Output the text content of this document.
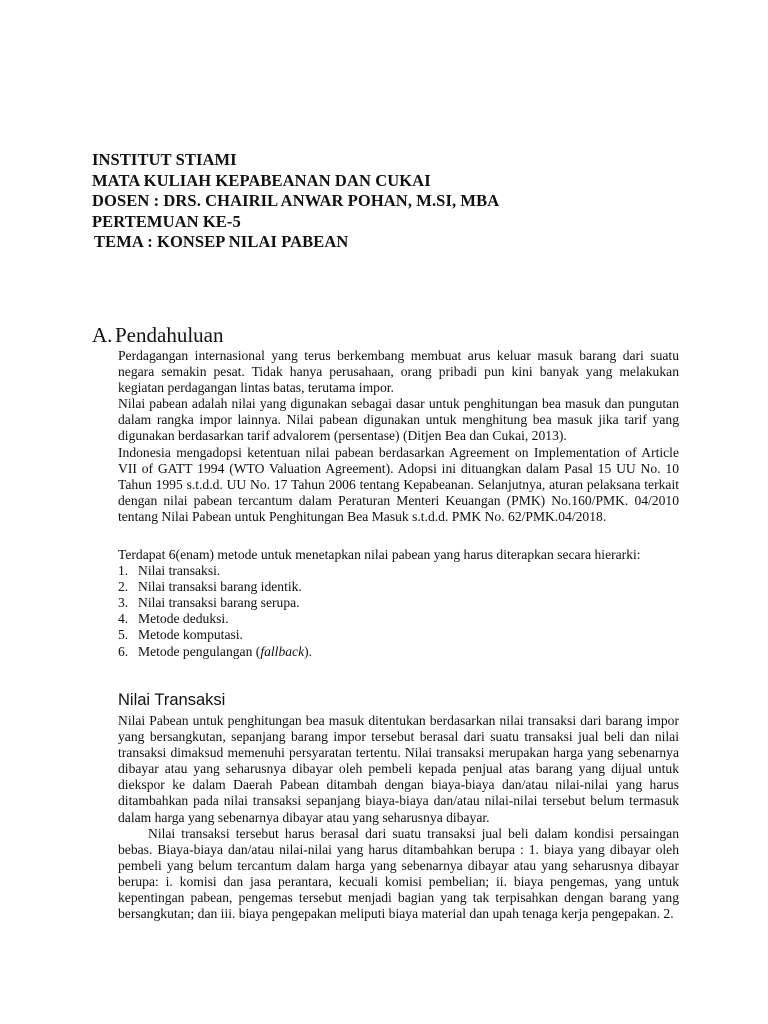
INSTITUT STIAMI
MATA KULIAH KEPABEANAN DAN CUKAI
DOSEN : DRS. CHAIRIL ANWAR POHAN, M.SI, MBA
PERTEMUAN KE-5
TEMA : KONSEP NILAI PABEAN
A. Pendahuluan

Perdagangan internasional yang terus berkembang membuat arus keluar masuk barang dari suatu negara semakin pesat. Tidak hanya perusahaan, orang pribadi pun kini banyak yang melakukan kegiatan perdagangan lintas batas, terutama impor.

Nilai pabean adalah nilai yang digunakan sebagai dasar untuk penghitungan bea masuk dan pungutan dalam rangka impor lainnya. Nilai pabean digunakan untuk menghitung bea masuk jika tarif yang digunakan berdasarkan tarif advalorem (persentase) (Ditjen Bea dan Cukai, 2013).

Indonesia mengadopsi ketentuan nilai pabean berdasarkan Agreement on Implementation of Article VII of GATT 1994 (WTO Valuation Agreement). Adopsi ini dituangkan dalam Pasal 15 UU No. 10 Tahun 1995 s.t.d.d. UU No. 17 Tahun 2006 tentang Kepabeanan. Selanjutnya, aturan pelaksana terkait dengan nilai pabean tercantum dalam Peraturan Menteri Keuangan (PMK) No.160/PMK. 04/2010 tentang Nilai Pabean untuk Penghitungan Bea Masuk s.t.d.d. PMK No. 62/PMK.04/2018.

Terdapat 6(enam) metode untuk menetapkan nilai pabean yang harus diterapkan secara hierarki:

1. Nilai transaksi.
2. Nilai transaksi barang identik.
3. Nilai transaksi barang serupa.
4. Metode deduksi.
5. Metode komputasi.
6. Metode pengulangan (fallback).
Nilai Transaksi

Nilai Pabean untuk penghitungan bea masuk ditentukan berdasarkan nilai transaksi dari barang impor yang bersangkutan, sepanjang barang impor tersebut berasal dari suatu transaksi jual beli dan nilai transaksi dimaksud memenuhi persyaratan tertentu. Nilai transaksi merupakan harga yang sebenarnya dibayar atau yang seharusnya dibayar oleh pembeli kepada penjual atas barang yang dijual untuk diekspor ke dalam Daerah Pabean ditambah dengan biaya-biaya dan/atau nilai-nilai yang harus ditambahkan pada nilai transaksi sepanjang biaya-biaya dan/atau nilai-nilai tersebut belum termasuk dalam harga yang sebenarnya dibayar atau yang seharusnya dibayar.

Nilai transaksi tersebut harus berasal dari suatu transaksi jual beli dalam kondisi persaingan bebas. Biaya-biaya dan/atau nilai-nilai yang harus ditambahkan berupa : 1. biaya yang dibayar oleh pembeli yang belum tercantum dalam harga yang sebenarnya dibayar atau yang seharusnya dibayar berupa: i. komisi dan jasa perantara, kecuali komisi pembelian; ii. biaya pengemas, yang untuk kepentingan pabean, pengemas tersebut menjadi bagian yang tak terpisahkan dengan barang yang bersangkutan; dan iii. biaya pengepakan meliputi biaya material dan upah tenaga kerja pengepakan. 2.
